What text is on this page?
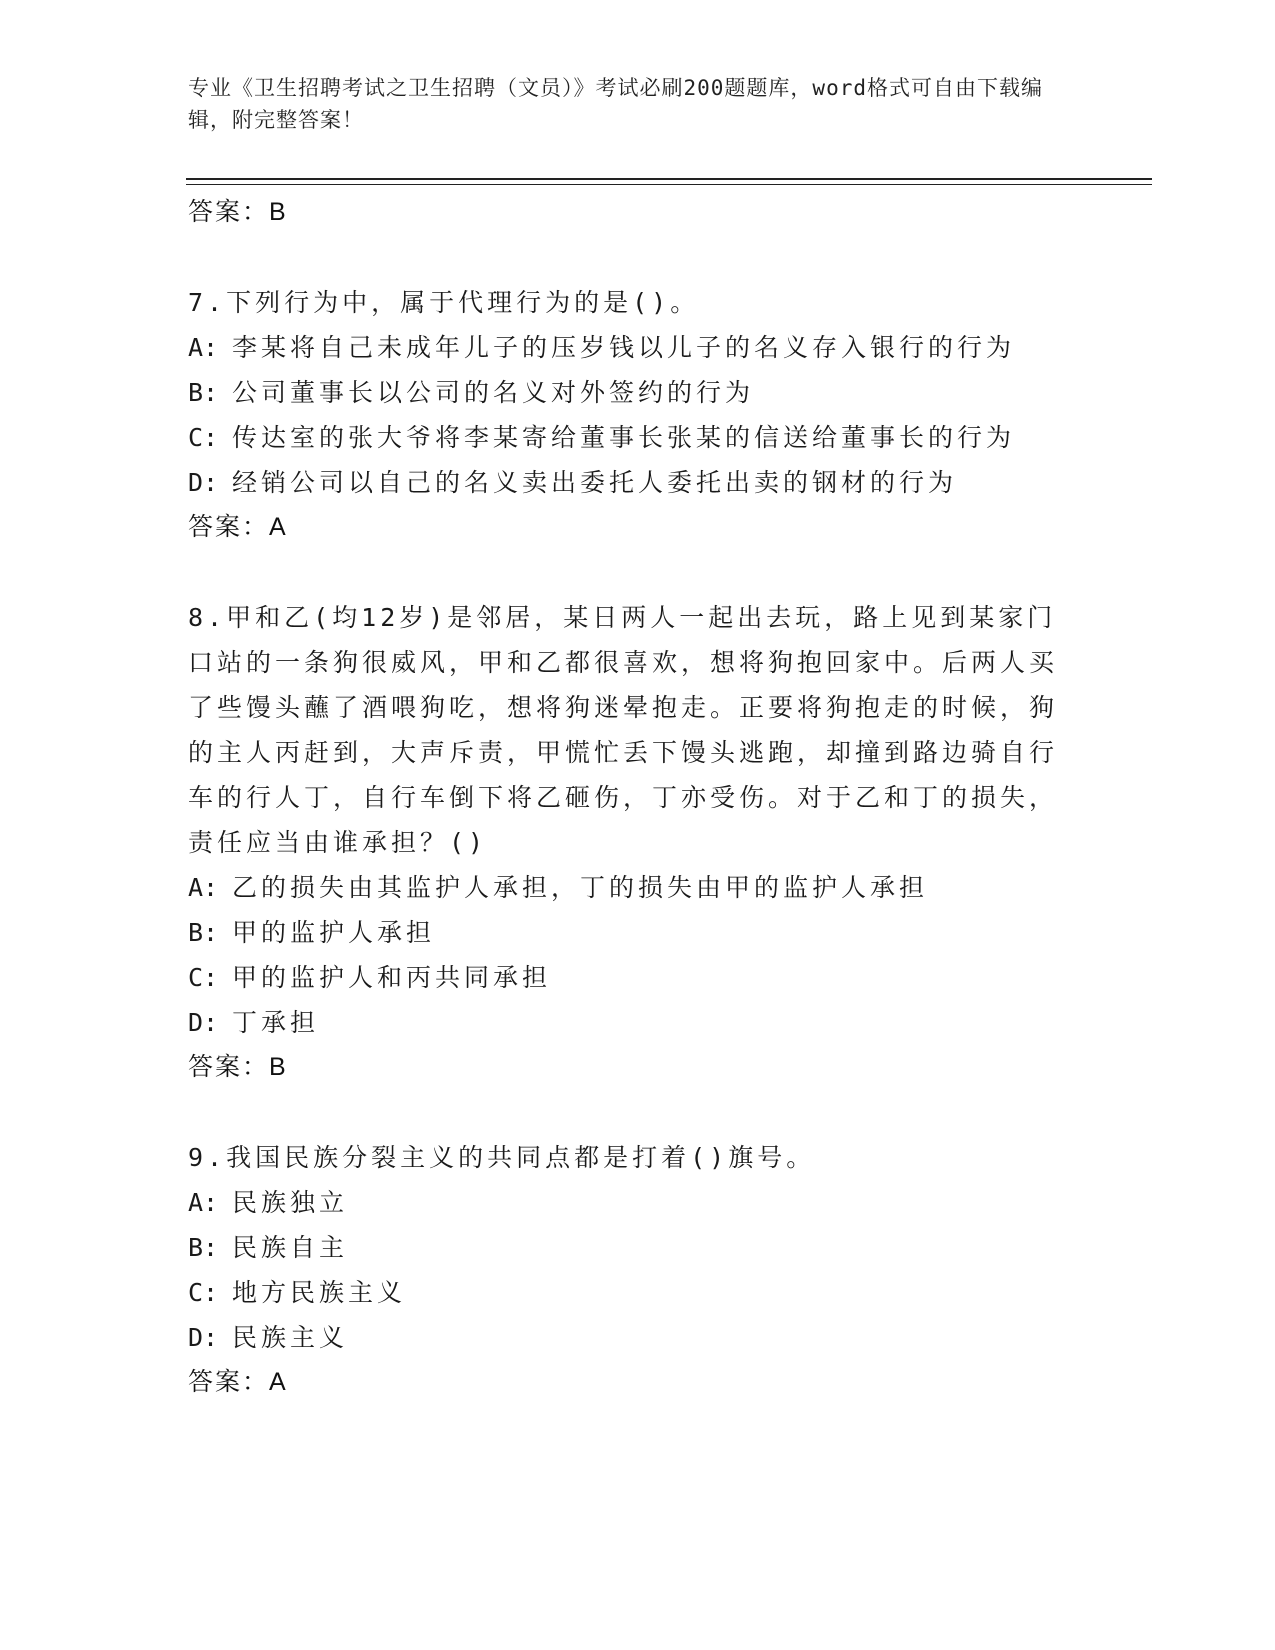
专业《卫生招聘考试之卫生招聘（文员）》考试必刷200题题库，word格式可自由下载编辑，附完整答案！
答案：B
7.下列行为中，属于代理行为的是()。
A: 李某将自己未成年儿子的压岁钱以儿子的名义存入银行的行为
B: 公司董事长以公司的名义对外签约的行为
C: 传达室的张大爷将李某寄给董事长张某的信送给董事长的行为
D: 经销公司以自己的名义卖出委托人委托出卖的钢材的行为
答案：A
8.甲和乙(均12岁)是邻居，某日两人一起出去玩，路上见到某家门口站的一条狗很威风，甲和乙都很喜欢，想将狗抱回家中。后两人买了些馒头蘸了酒喂狗吃，想将狗迷晕抱走。正要将狗抱走的时候，狗的主人丙赶到，大声斥责，甲慌忙丢下馒头逃跑，却撞到路边骑自行车的行人丁，自行车倒下将乙砸伤，丁亦受伤。对于乙和丁的损失，责任应当由谁承担？()
A: 乙的损失由其监护人承担，丁的损失由甲的监护人承担
B: 甲的监护人承担
C: 甲的监护人和丙共同承担
D: 丁承担
答案：B
9.我国民族分裂主义的共同点都是打着()旗号。
A: 民族独立
B: 民族自主
C: 地方民族主义
D: 民族主义
答案：A
